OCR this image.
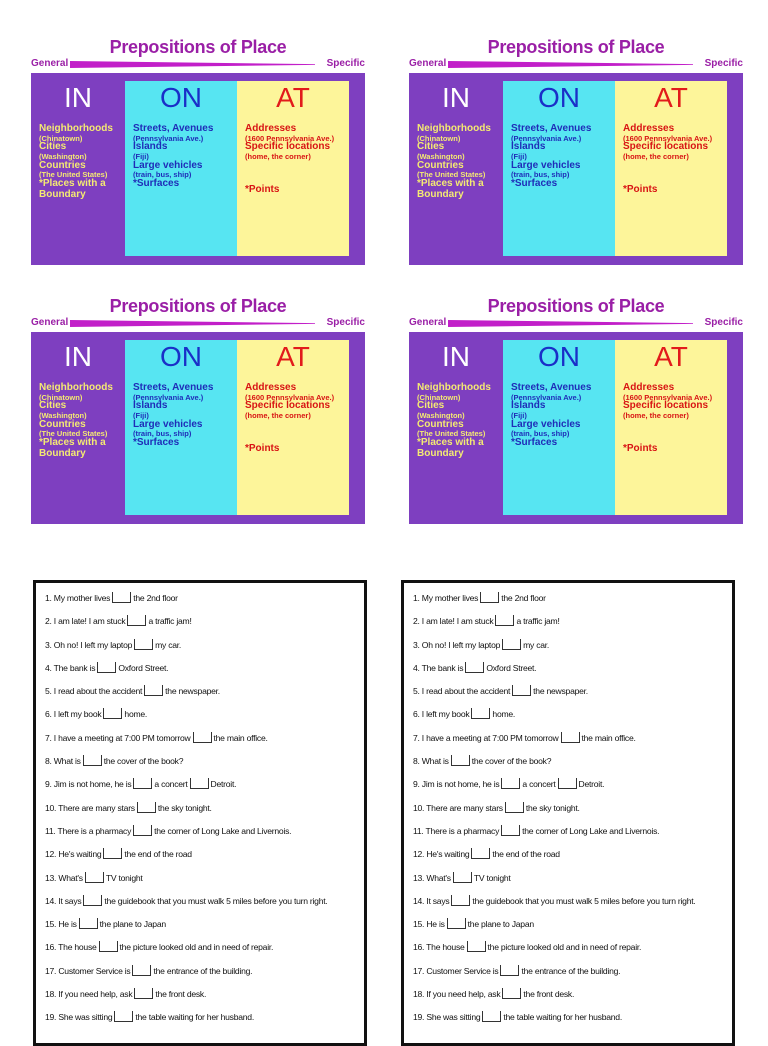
Prepositions of Place
General	Specific
IN
Neighborhoods
(Chinatown)
Cities
(Washington)
Countries
(The United States)
*Places with a Boundary
ON
Streets, Avenues
(Pennsylvania Ave.)
Islands
(Fiji)
Large vehicles
(train, bus, ship)
*Surfaces
AT
Addresses
(1600 Pennsylvania Ave.)
Specific locations
(home, the corner)
*Points
Prepositions of Place
General	Specific
IN
Neighborhoods
(Chinatown)
Cities
(Washington)
Countries
(The United States)
*Places with a Boundary
ON
Streets, Avenues
(Pennsylvania Ave.)
Islands
(Fiji)
Large vehicles
(train, bus, ship)
*Surfaces
AT
Addresses
(1600 Pennsylvania Ave.)
Specific locations
(home, the corner)
*Points
Prepositions of Place
General	Specific
IN
Neighborhoods
(Chinatown)
Cities
(Washington)
Countries
(The United States)
*Places with a Boundary
ON
Streets, Avenues
(Pennsylvania Ave.)
Islands
(Fiji)
Large vehicles
(train, bus, ship)
*Surfaces
AT
Addresses
(1600 Pennsylvania Ave.)
Specific locations
(home, the corner)
*Points
Prepositions of Place
General	Specific
IN
Neighborhoods
(Chinatown)
Cities
(Washington)
Countries
(The United States)
*Places with a Boundary
ON
Streets, Avenues
(Pennsylvania Ave.)
Islands
(Fiji)
Large vehicles
(train, bus, ship)
*Surfaces
AT
Addresses
(1600 Pennsylvania Ave.)
Specific locations
(home, the corner)
*Points
1. My mother lives	the 2nd floor
2. I am late! I am stuck	a traffic jam!
3. Oh no! I left my laptop	my car.
4. The bank is	Oxford Street.
5. I read about the accident	the newspaper.
6. I left my book	home.
7. I have a meeting at 7:00 PM tomorrow	the main office.
8. What is	the cover of the book?
9. Jim is not home, he is	a concert	Detroit.
10. There are many stars	the sky tonight.
11. There is a pharmacy	the corner of Long Lake and Livernois.
12. He's waiting	the end of the road
13. What's	TV tonight
14. It says	the guidebook that you must walk 5 miles before you turn right.
15. He is	the plane to Japan
16. The house	the picture looked old and in need of repair.
17. Customer Service is	the entrance of the building.
18. If you need help, ask	the front desk.
19. She was sitting	the table waiting for her husband.
1. My mother lives	the 2nd floor
2. I am late! I am stuck	a traffic jam!
3. Oh no! I left my laptop	my car.
4. The bank is	Oxford Street.
5. I read about the accident	the newspaper.
6. I left my book	home.
7. I have a meeting at 7:00 PM tomorrow	the main office.
8. What is	the cover of the book?
9. Jim is not home, he is	a concert	Detroit.
10. There are many stars	the sky tonight.
11. There is a pharmacy	the corner of Long Lake and Livernois.
12. He's waiting	the end of the road
13. What's	TV tonight
14. It says	the guidebook that you must walk 5 miles before you turn right.
15. He is	the plane to Japan
16. The house	the picture looked old and in need of repair.
17. Customer Service is	the entrance of the building.
18. If you need help, ask	the front desk.
19. She was sitting	the table waiting for her husband.
